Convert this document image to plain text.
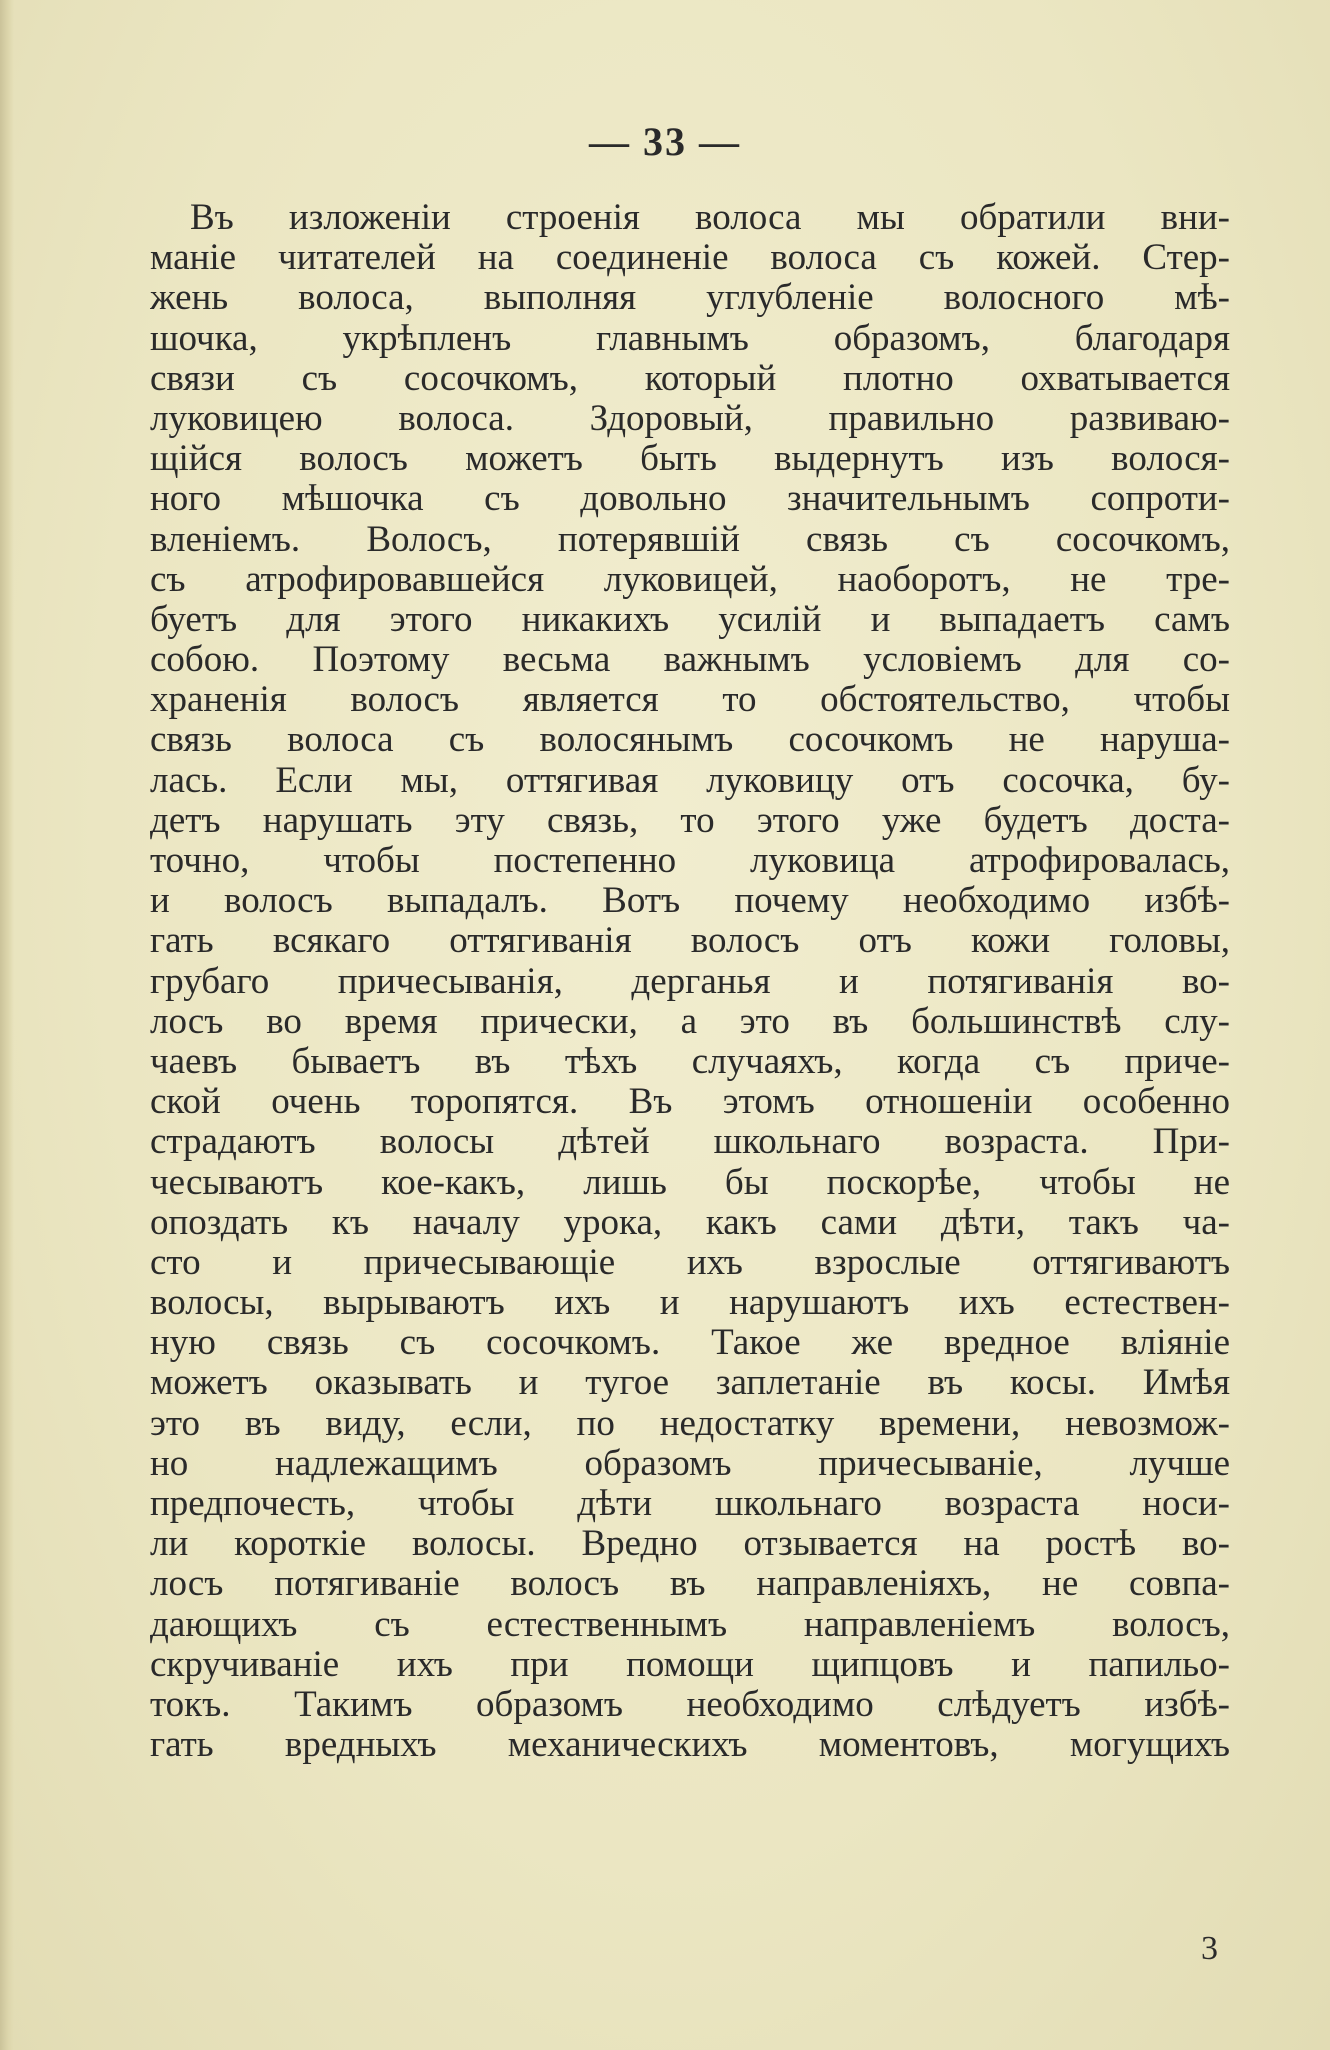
— 33 —
Въ изложенiи строенiя волоса мы обратили вни-
манiе читателей на соединенiе волоса съ кожей. Стер-
жень волоса, выполняя углубленiе волосного мѣ-
шочка, укрѣпленъ главнымъ образомъ, благодаря
связи съ сосочкомъ, который плотно охватывается
луковицею волоса. Здоровый, правильно развиваю-
щiйся волосъ можетъ быть выдернутъ изъ волося-
ного мѣшочка съ довольно значительнымъ сопроти-
вленiемъ. Волосъ, потерявшiй связь съ сосочкомъ,
съ атрофировавшейся луковицей, наоборотъ, не тре-
буетъ для этого никакихъ усилiй и выпадаетъ самъ
собою. Поэтому весьма важнымъ условiемъ для со-
храненiя волосъ является то обстоятельство, чтобы
связь волоса съ волосянымъ сосочкомъ не наруша-
лась. Если мы, оттягивая луковицу отъ сосочка, бу-
детъ нарушать эту связь, то этого уже будетъ доста-
точно, чтобы постепенно луковица атрофировалась,
и волосъ выпадалъ. Вотъ почему необходимо избѣ-
гать всякаго оттягиванiя волосъ отъ кожи головы,
грубаго причесыванiя, дерганья и потягиванiя во-
лосъ во время прически, а это въ большинствѣ слу-
чаевъ бываетъ въ тѣхъ случаяхъ, когда съ приче-
ской очень торопятся. Въ этомъ отношенiи особенно
страдаютъ волосы дѣтей школьнаго возраста. При-
чесываютъ кое-какъ, лишь бы поскорѣе, чтобы не
опоздать къ началу урока, какъ сами дѣти, такъ ча-
сто и причесывающiе ихъ взрослые оттягиваютъ
волосы, вырываютъ ихъ и нарушаютъ ихъ естествен-
ную связь съ сосочкомъ. Такое же вредное влiянiе
можетъ оказывать и тугое заплетанiе въ косы. Имѣя
это въ виду, если, по недостатку времени, невозмож-
но надлежащимъ образомъ причесыванiе, лучше
предпочесть, чтобы дѣти школьнаго возраста носи-
ли короткiе волосы. Вредно отзывается на ростѣ во-
лосъ потягиванiе волосъ въ направленiяхъ, не совпа-
дающихъ съ естественнымъ направленiемъ волосъ,
скручиванiе ихъ при помощи щипцовъ и папильо-
токъ. Такимъ образомъ необходимо слѣдуетъ избѣ-
гать вредныхъ механическихъ моментовъ, могущихъ
3
